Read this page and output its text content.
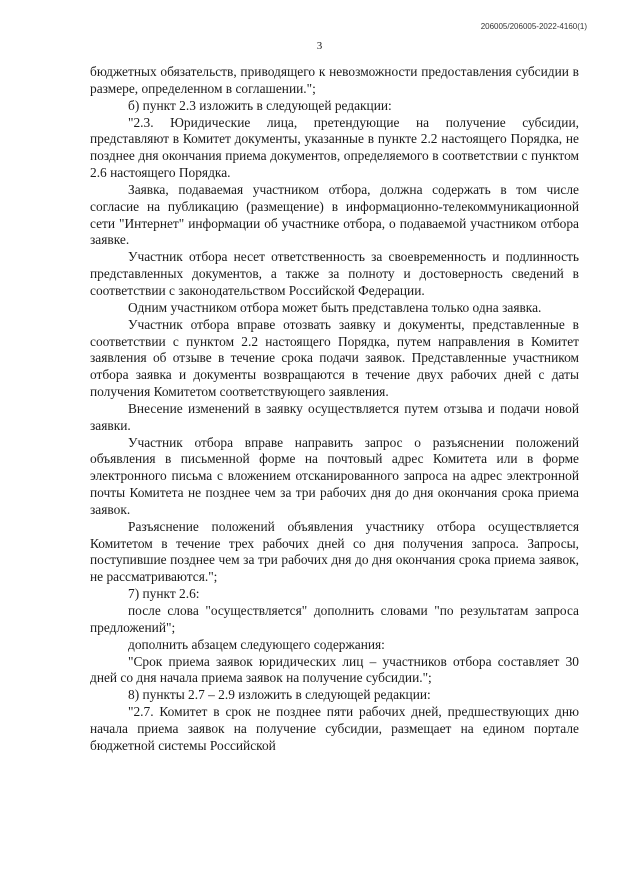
206005/206005-2022-4160(1)
3

бюджетных обязательств, приводящего к невозможности предоставления субсидии в размере, определенном в соглашении.";

б) пункт 2.3 изложить в следующей редакции:

"2.3. Юридические лица, претендующие на получение субсидии, представляют в Комитет документы, указанные в пункте 2.2 настоящего Порядка, не позднее дня окончания приема документов, определяемого в соответствии с пунктом 2.6 настоящего Порядка.

Заявка, подаваемая участником отбора, должна содержать в том числе согласие на публикацию (размещение) в информационно-телекоммуникационной сети "Интернет" информации об участнике отбора, о подаваемой участником отбора заявке.

Участник отбора несет ответственность за своевременность и подлинность представленных документов, а также за полноту и достоверность сведений в соответствии с законодательством Российской Федерации.

Одним участником отбора может быть представлена только одна заявка.

Участник отбора вправе отозвать заявку и документы, представленные в соответствии с пунктом 2.2 настоящего Порядка, путем направления в Комитет заявления об отзыве в течение срока подачи заявок. Представленные участником отбора заявка и документы возвращаются в течение двух рабочих дней с даты получения Комитетом соответствующего заявления.

Внесение изменений в заявку осуществляется путем отзыва и подачи новой заявки.

Участник отбора вправе направить запрос о разъяснении положений объявления в письменной форме на почтовый адрес Комитета или в форме электронного письма с вложением отсканированного запроса на адрес электронной почты Комитета не позднее чем за три рабочих дня до дня окончания срока приема заявок.

Разъяснение положений объявления участнику отбора осуществляется Комитетом в течение трех рабочих дней со дня получения запроса. Запросы, поступившие позднее чем за три рабочих дня до дня окончания срока приема заявок, не рассматриваются.";

7) пункт 2.6:

после слова "осуществляется" дополнить словами "по результатам запроса предложений";

дополнить абзацем следующего содержания:

"Срок приема заявок юридических лиц – участников отбора составляет 30 дней со дня начала приема заявок на получение субсидии.";

8) пункты 2.7 – 2.9 изложить в следующей редакции:

"2.7. Комитет в срок не позднее пяти рабочих дней, предшествующих дню начала приема заявок на получение субсидии, размещает на едином портале бюджетной системы Российской
